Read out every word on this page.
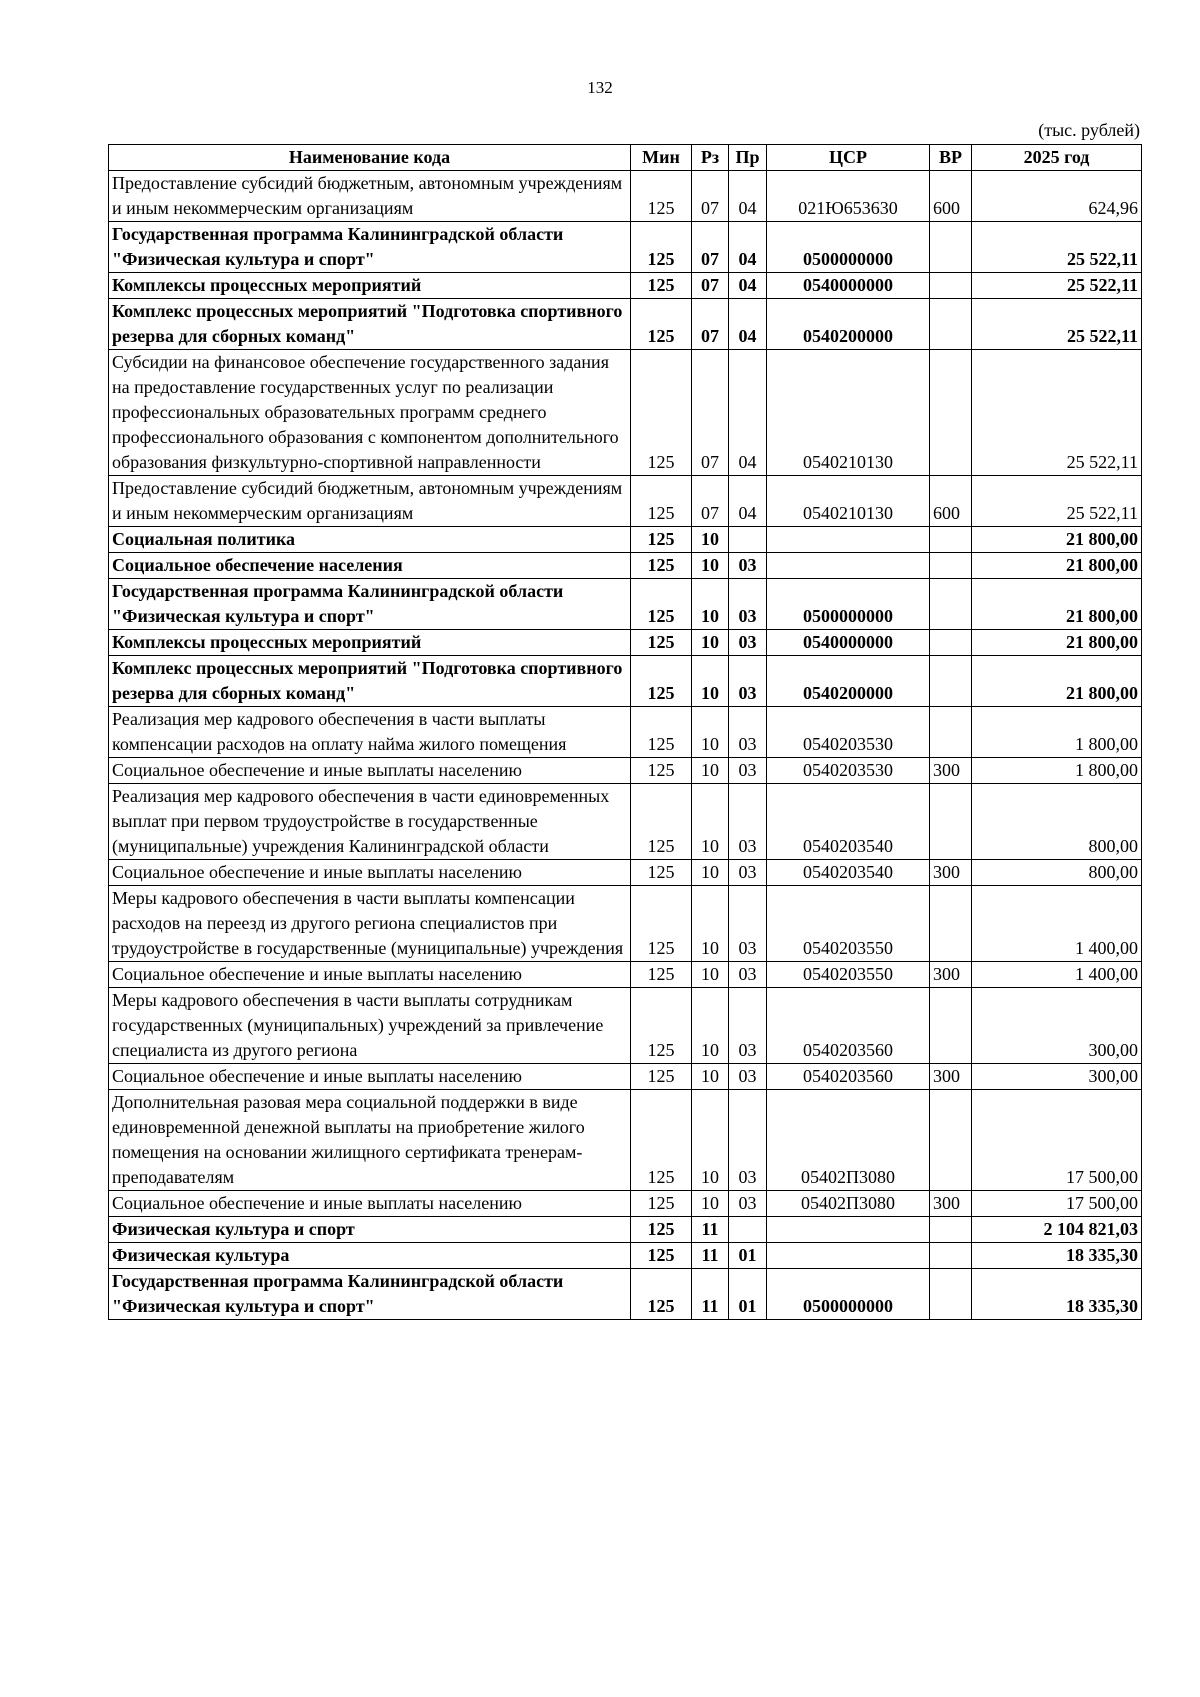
132
(тыс. рублей)
Наименование кода	Мин	Рз	Пр	ЦСР	ВР	2025 год
Предоставление субсидий бюджетным, автономным учреждениям и иным некоммерческим организациям	125	07	04	021Ю653630	600	624,96
Государственная программа Калининградской области "Физическая культура и спорт"	125	07	04	0500000000		25 522,11
Комплексы процессных мероприятий	125	07	04	0540000000		25 522,11
Комплекс процессных мероприятий "Подготовка спортивного резерва для сборных команд"	125	07	04	0540200000		25 522,11
Субсидии на финансовое обеспечение государственного задания на предоставление государственных услуг по реализации профессиональных образовательных программ среднего профессионального образования с компонентом дополнительного образования физкультурно-спортивной направленности	125	07	04	0540210130		25 522,11
Предоставление субсидий бюджетным, автономным учреждениям и иным некоммерческим организациям	125	07	04	0540210130	600	25 522,11
Социальная политика	125	10				21 800,00
Социальное обеспечение населения	125	10	03			21 800,00
Государственная программа Калининградской области "Физическая культура и спорт"	125	10	03	0500000000		21 800,00
Комплексы процессных мероприятий	125	10	03	0540000000		21 800,00
Комплекс процессных мероприятий "Подготовка спортивного резерва для сборных команд"	125	10	03	0540200000		21 800,00
Реализация мер кадрового обеспечения в части выплаты компенсации расходов на оплату найма жилого помещения	125	10	03	0540203530		1 800,00
Социальное обеспечение и иные выплаты населению	125	10	03	0540203530	300	1 800,00
Реализация мер кадрового обеспечения в части единовременных выплат при первом трудоустройстве в государственные (муниципальные) учреждения Калининградской области	125	10	03	0540203540		800,00
Социальное обеспечение и иные выплаты населению	125	10	03	0540203540	300	800,00
Меры кадрового обеспечения в части выплаты компенсации расходов на переезд из другого региона специалистов при трудоустройстве в государственные (муниципальные) учреждения	125	10	03	0540203550		1 400,00
Социальное обеспечение и иные выплаты населению	125	10	03	0540203550	300	1 400,00
Меры кадрового обеспечения в части выплаты сотрудникам государственных (муниципальных) учреждений за привлечение специалиста из другого региона	125	10	03	0540203560		300,00
Социальное обеспечение и иные выплаты населению	125	10	03	0540203560	300	300,00
Дополнительная разовая мера социальной поддержки в виде единовременной денежной выплаты на приобретение жилого помещения на основании жилищного сертификата тренерам-преподавателям	125	10	03	05402П3080		17 500,00
Социальное обеспечение и иные выплаты населению	125	10	03	05402П3080	300	17 500,00
Физическая культура и спорт	125	11				2 104 821,03
Физическая культура	125	11	01			18 335,30
Государственная программа Калининградской области "Физическая культура и спорт"	125	11	01	0500000000		18 335,30
